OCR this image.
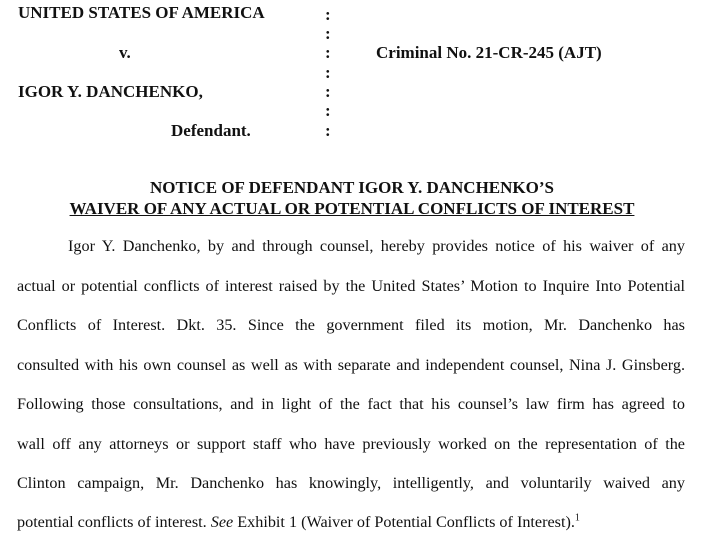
UNITED STATES OF AMERICA
v.
IGOR Y. DANCHENKO,
Defendant.
Criminal No. 21-CR-245 (AJT)
:
:
:
:
:
:
:
NOTICE OF DEFENDANT IGOR Y. DANCHENKO’S
WAIVER OF ANY ACTUAL OR POTENTIAL CONFLICTS OF INTEREST
Igor Y. Danchenko, by and through counsel, hereby provides notice of his waiver of any
actual or potential conflicts of interest raised by the United States’ Motion to Inquire Into Potential
Conflicts of Interest. Dkt. 35. Since the government filed its motion, Mr. Danchenko has
consulted with his own counsel as well as with separate and independent counsel, Nina J. Ginsberg.
Following those consultations, and in light of the fact that his counsel’s law firm has agreed to
wall off any attorneys or support staff who have previously worked on the representation of the
Clinton campaign, Mr. Danchenko has knowingly, intelligently, and voluntarily waived any
potential conflicts of interest. See Exhibit 1 (Waiver of Potential Conflicts of Interest).$^1$
